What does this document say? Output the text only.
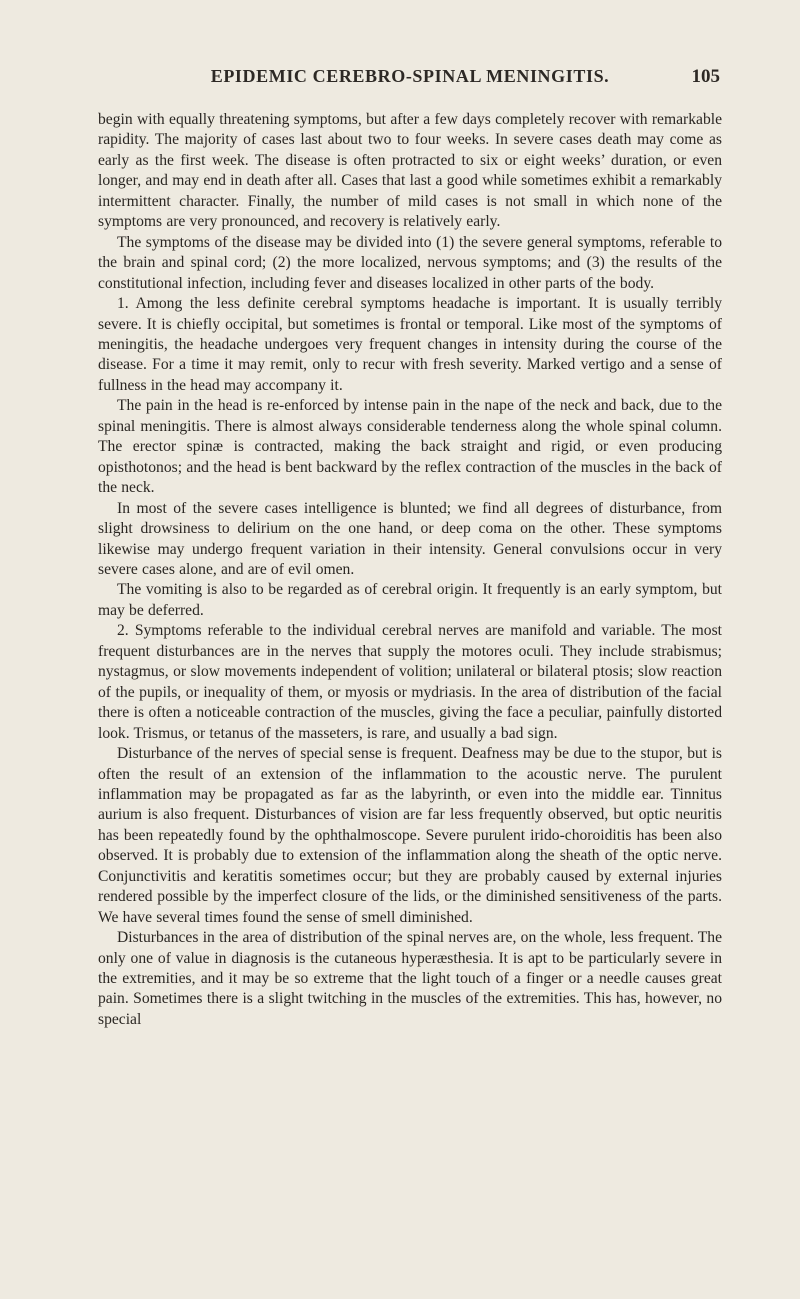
EPIDEMIC CEREBRO-SPINAL MENINGITIS.	105

begin with equally threatening symptoms, but after a few days completely recover with remarkable rapidity. The majority of cases last about two to four weeks. In severe cases death may come as early as the first week. The disease is often protracted to six or eight weeks’ duration, or even longer, and may end in death after all. Cases that last a good while sometimes exhibit a remarkably intermittent character. Finally, the number of mild cases is not small in which none of the symptoms are very pronounced, and recovery is relatively early.

The symptoms of the disease may be divided into (1) the severe general symptoms, referable to the brain and spinal cord; (2) the more localized, nervous symptoms; and (3) the results of the constitutional infection, including fever and diseases localized in other parts of the body.

1. Among the less definite cerebral symptoms headache is important. It is usually terribly severe. It is chiefly occipital, but sometimes is frontal or temporal. Like most of the symptoms of meningitis, the headache undergoes very frequent changes in intensity during the course of the disease. For a time it may remit, only to recur with fresh severity. Marked vertigo and a sense of fullness in the head may accompany it.

The pain in the head is re-enforced by intense pain in the nape of the neck and back, due to the spinal meningitis. There is almost always considerable tenderness along the whole spinal column. The erector spinæ is contracted, making the back straight and rigid, or even producing opisthotonos; and the head is bent backward by the reflex contraction of the muscles in the back of the neck.

In most of the severe cases intelligence is blunted; we find all degrees of disturbance, from slight drowsiness to delirium on the one hand, or deep coma on the other. These symptoms likewise may undergo frequent variation in their intensity. General convulsions occur in very severe cases alone, and are of evil omen.

The vomiting is also to be regarded as of cerebral origin. It frequently is an early symptom, but may be deferred.

2. Symptoms referable to the individual cerebral nerves are manifold and variable. The most frequent disturbances are in the nerves that supply the motores oculi. They include strabismus; nystagmus, or slow movements independent of volition; unilateral or bilateral ptosis; slow reaction of the pupils, or inequality of them, or myosis or mydriasis. In the area of distribution of the facial there is often a noticeable contraction of the muscles, giving the face a peculiar, painfully distorted look. Trismus, or tetanus of the masseters, is rare, and usually a bad sign.

Disturbance of the nerves of special sense is frequent. Deafness may be due to the stupor, but is often the result of an extension of the inflammation to the acoustic nerve. The purulent inflammation may be propagated as far as the labyrinth, or even into the middle ear. Tinnitus aurium is also frequent. Disturbances of vision are far less frequently observed, but optic neuritis has been repeatedly found by the ophthalmoscope. Severe purulent irido-choroiditis has been also observed. It is probably due to extension of the inflammation along the sheath of the optic nerve. Conjunctivitis and keratitis sometimes occur; but they are probably caused by external injuries rendered possible by the imperfect closure of the lids, or the diminished sensitiveness of the parts. We have several times found the sense of smell diminished.

Disturbances in the area of distribution of the spinal nerves are, on the whole, less frequent. The only one of value in diagnosis is the cutaneous hyperæsthesia. It is apt to be particularly severe in the extremities, and it may be so extreme that the light touch of a finger or a needle causes great pain. Sometimes there is a slight twitching in the muscles of the extremities. This has, however, no special
